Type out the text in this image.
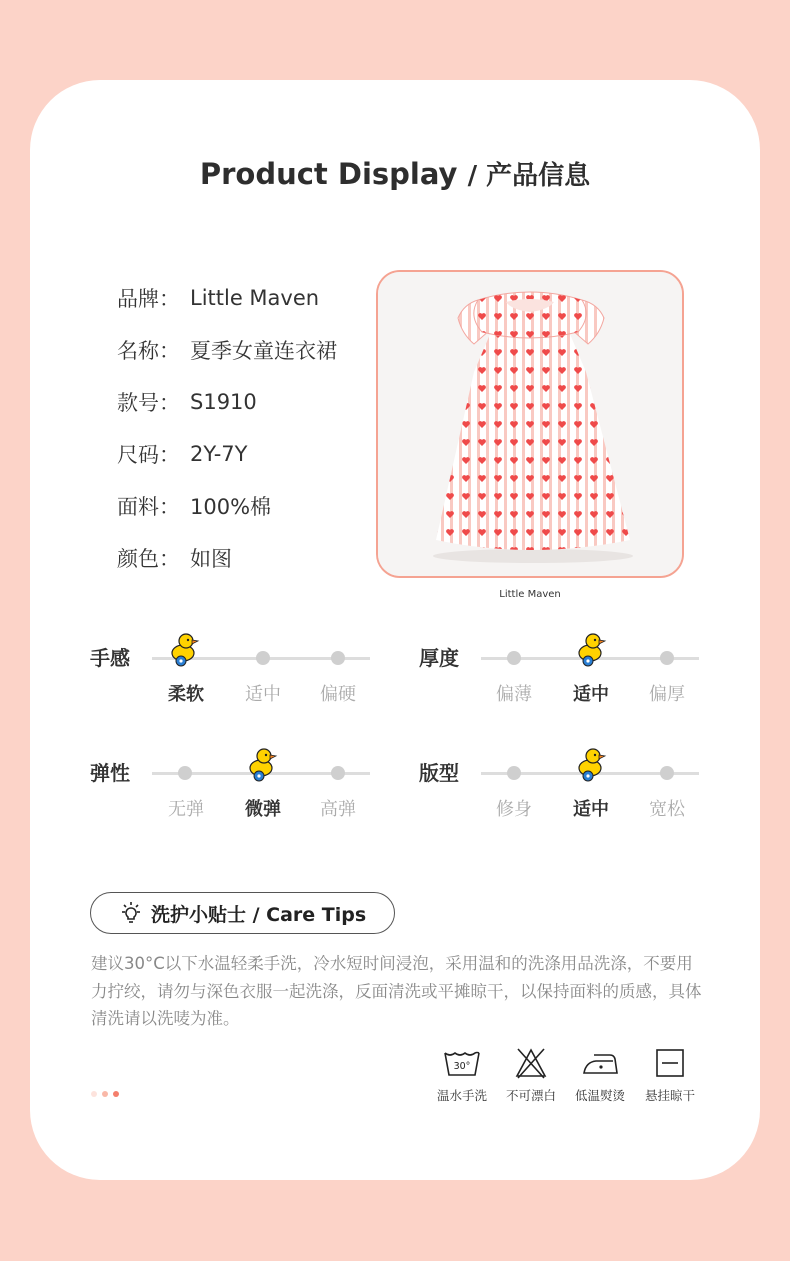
Product Display / 产品信息
品牌： Little Maven
名称： 夏季女童连衣裙
款号： S1910
尺码： 2Y-7Y
面料： 100%棉
颜色： 如图
Little Maven
手感
柔软	适中	偏硬
厚度
偏薄	适中	偏厚
弹性
无弹	微弹	高弹
版型
修身	适中	宽松
洗护小贴士 / Care Tips
建议30°C以下水温轻柔手洗，冷水短时间浸泡，采用温和的洗涤用品洗涤，不要用力拧绞，请勿与深色衣服一起洗涤，反面清洗或平摊晾干，以保持面料的质感，具体清洗请以洗唛为准。
30°
温水手洗	不可漂白	低温熨烫	悬挂晾干
